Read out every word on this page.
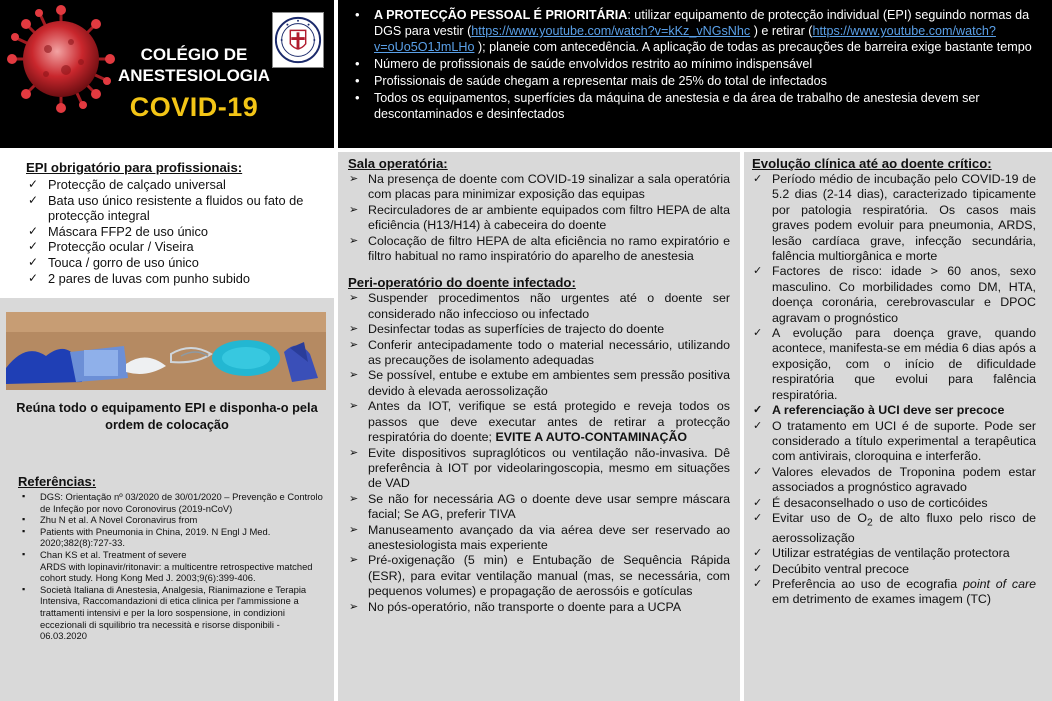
COLÉGIO DE
ANESTESIOLOGIA
COVID-19
• A PROTECÇÃO PESSOAL É PRIORITÁRIA: utilizar equipamento de protecção individual (EPI) seguindo normas da DGS para vestir (https://www.youtube.com/watch?v=kKz_vNGsNhc ) e retirar (https://www.youtube.com/watch?v=oUo5O1JmLHo ); planeie com antecedência. A aplicação de todas as precauções de barreira exige bastante tempo
• Número de profissionais de saúde envolvidos restrito ao mínimo indispensável
• Profissionais de saúde chegam a representar mais de 25% do total de infectados
• Todos os equipamentos, superfícies da máquina de anestesia e da área de trabalho de anestesia devem ser descontaminados e desinfectados
EPI obrigatório para profissionais:
✓ Protecção de calçado universal
✓ Bata uso único resistente a fluidos ou fato de protecção integral
✓ Máscara FFP2 de uso único
✓ Protecção ocular / Viseira
✓ Touca / gorro de uso único
✓ 2 pares de luvas com punho subido
Reúna todo o equipamento EPI e disponha-o pela ordem de colocação
Referências:
▪ DGS: Orientação nº 03/2020 de 30/01/2020 – Prevenção e Controlo de Infeção por novo Coronovirus (2019-nCoV)
▪ Zhu N et al. A Novel Coronavirus from
▪ Patients with Pneumonia in China, 2019. N Engl J Med. 2020;382(8):727-33.
▪ Chan KS et al. Treatment of severe
ARDS with lopinavir/ritonavir: a multicentre retrospective matched
cohort study. Hong Kong Med J. 2003;9(6):399-406.
▪ Società Italiana di Anestesia, Analgesia, Rianimazione e Terapia Intensiva, Raccomandazioni di etica clinica per l'ammissione a trattamenti intensivi e per la loro sospensione, in condizioni eccezionali di squilibrio tra necessità e risorse disponibili - 06.03.2020
Sala operatória:
➢ Na presença de doente com COVID-19 sinalizar a sala operatória com placas para minimizar exposição das equipas
➢ Recirculadores de ar ambiente equipados com filtro HEPA de alta eficiência (H13/H14) à cabeceira do doente
➢ Colocação de filtro HEPA de alta eficiência no ramo expiratório e filtro habitual no ramo inspiratório do aparelho de anestesia
Peri-operatório do doente infectado:
➢ Suspender procedimentos não urgentes até o doente ser considerado não infeccioso ou infectado
➢ Desinfectar todas as superfícies de trajecto do doente
➢ Conferir antecipadamente todo o material necessário, utilizando as precauções de isolamento adequadas
➢ Se possível, entube e extube em ambientes sem pressão positiva devido à elevada aerossolização
➢ Antes da IOT, verifique se está protegido e reveja todos os passos que deve executar antes de retirar a protecção respiratória do doente; EVITE A AUTO-CONTAMINAÇÃO
➢ Evite dispositivos supraglóticos ou ventilação não-invasiva. Dê preferência à IOT por videolaringoscopia, mesmo em situações de VAD
➢ Se não for necessária AG o doente deve usar sempre máscara facial; Se AG, preferir TIVA
➢ Manuseamento avançado da via aérea deve ser reservado ao anestesiologista mais experiente
➢ Pré-oxigenação (5 min) e Entubação de Sequência Rápida (ESR), para evitar ventilação manual (mas, se necessária, com pequenos volumes) e propagação de aerossóis e gotículas
➢ No pós-operatório, não transporte o doente para a UCPA
Evolução clínica até ao doente crítico:
✓ Período médio de incubação pelo COVID-19 de 5.2 dias (2-14 dias), caracterizado tipicamente por patologia respiratória. Os casos mais graves podem evoluir para pneumonia, ARDS, lesão cardíaca grave, infecção secundária, falência multiorgânica e morte
✓ Factores de risco: idade > 60 anos, sexo masculino. Co morbilidades como DM, HTA, doença coronária, cerebrovascular e DPOC agravam o prognóstico
✓ A evolução para doença grave, quando acontece, manifesta-se em média 6 dias após a exposição, com o início de dificuldade respiratória que evolui para falência respiratória.
✓ A referenciação à UCI deve ser precoce
✓ O tratamento em UCI é de suporte. Pode ser considerado a título experimental a terapêutica com antivirais, cloroquina e interferão.
✓ Valores elevados de Troponina podem estar associados a prognóstico agravado
✓ É desaconselhado o uso de corticóides
✓ Evitar uso de $O_2$ de alto fluxo pelo risco de aerossolização
✓ Utilizar estratégias de ventilação protectora
✓ Decúbito ventral precoce
✓ Preferência ao uso de ecografia point of care em detrimento de exames imagem (TC)
